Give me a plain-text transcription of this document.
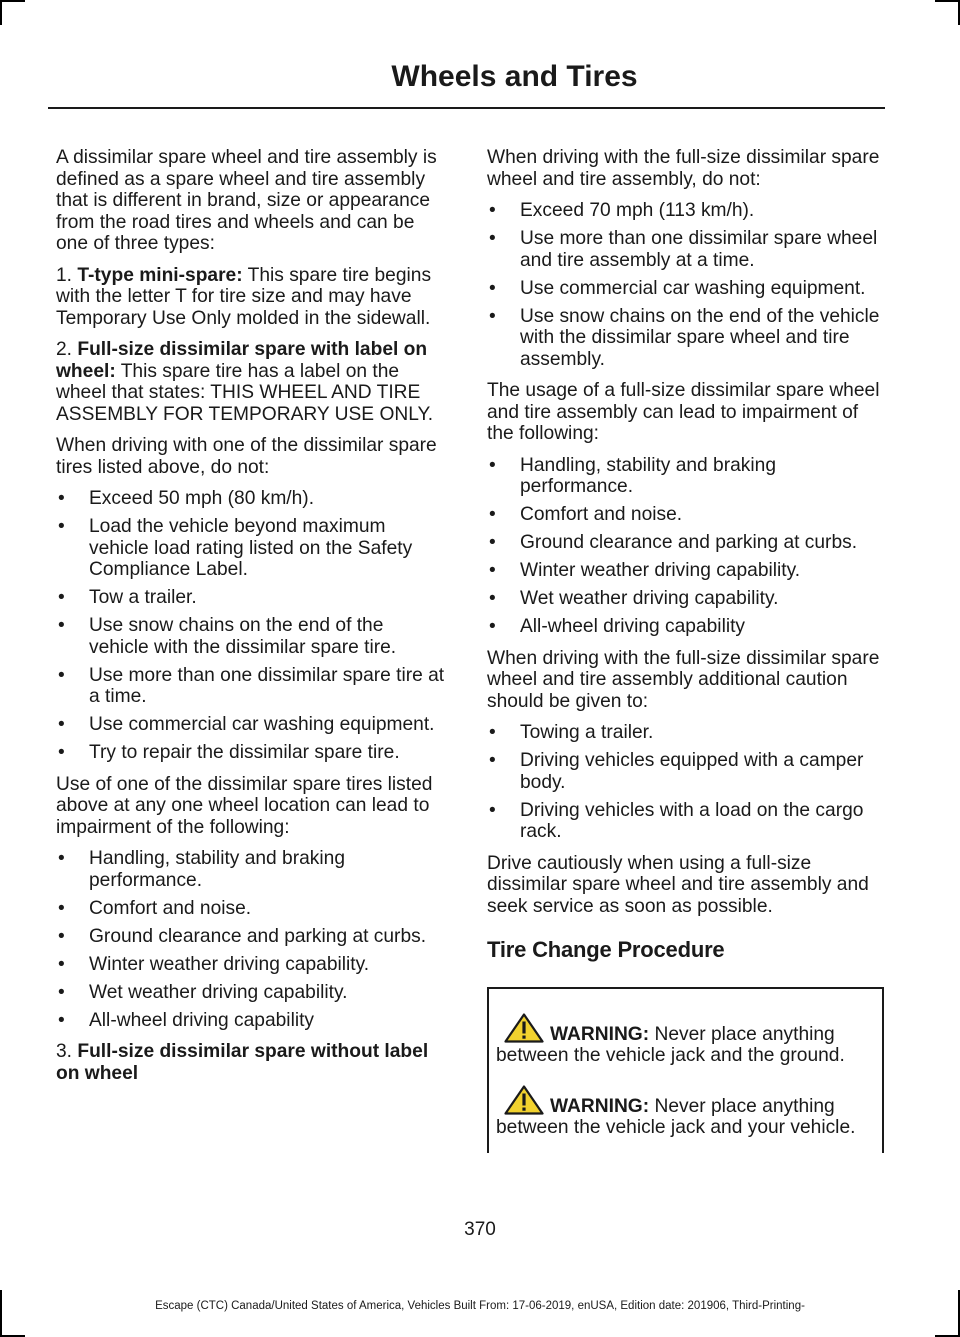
Wheels and Tires

A dissimilar spare wheel and tire assembly is defined as a spare wheel and tire assembly that is different in brand, size or appearance from the road tires and wheels and can be one of three types:

1. T-type mini-spare: This spare tire begins with the letter T for tire size and may have Temporary Use Only molded in the sidewall.

2. Full-size dissimilar spare with label on wheel: This spare tire has a label on the wheel that states: THIS WHEEL AND TIRE ASSEMBLY FOR TEMPORARY USE ONLY.

When driving with one of the dissimilar spare tires listed above, do not:

• Exceed 50 mph (80 km/h).
• Load the vehicle beyond maximum vehicle load rating listed on the Safety Compliance Label.
• Tow a trailer.
• Use snow chains on the end of the vehicle with the dissimilar spare tire.
• Use more than one dissimilar spare tire at a time.
• Use commercial car washing equipment.
• Try to repair the dissimilar spare tire.

Use of one of the dissimilar spare tires listed above at any one wheel location can lead to impairment of the following:

• Handling, stability and braking performance.
• Comfort and noise.
• Ground clearance and parking at curbs.
• Winter weather driving capability.
• Wet weather driving capability.
• All-wheel driving capability

3. Full-size dissimilar spare without label on wheel

When driving with the full-size dissimilar spare wheel and tire assembly, do not:

• Exceed 70 mph (113 km/h).
• Use more than one dissimilar spare wheel and tire assembly at a time.
• Use commercial car washing equipment.
• Use snow chains on the end of the vehicle with the dissimilar spare wheel and tire assembly.

The usage of a full-size dissimilar spare wheel and tire assembly can lead to impairment of the following:

• Handling, stability and braking performance.
• Comfort and noise.
• Ground clearance and parking at curbs.
• Winter weather driving capability.
• Wet weather driving capability.
• All-wheel driving capability

When driving with the full-size dissimilar spare wheel and tire assembly additional caution should be given to:

• Towing a trailer.
• Driving vehicles equipped with a camper body.
• Driving vehicles with a load on the cargo rack.

Drive cautiously when using a full-size dissimilar spare wheel and tire assembly and seek service as soon as possible.

Tire Change Procedure

WARNING: Never place anything between the vehicle jack and the ground.

WARNING: Never place anything between the vehicle jack and your vehicle.

370
Escape (CTC) Canada/United States of America, Vehicles Built From: 17-06-2019, enUSA, Edition date: 201906, Third-Printing-
